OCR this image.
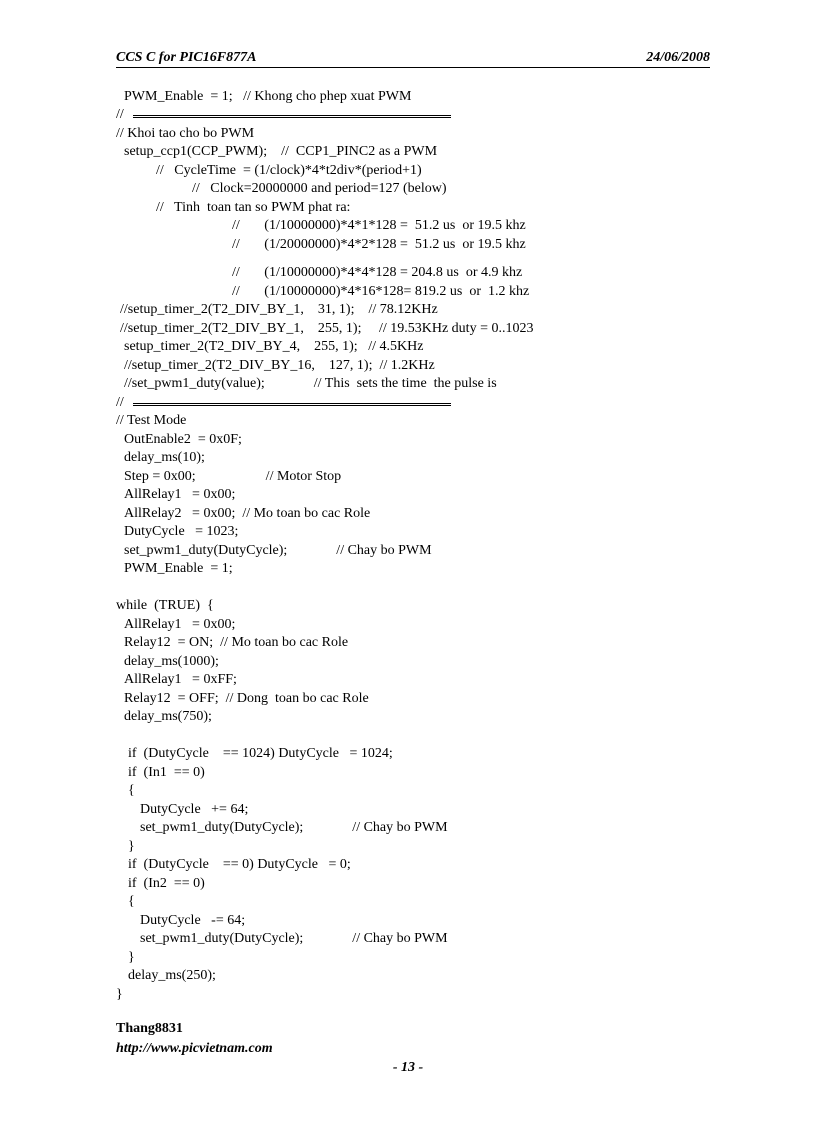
CCS C for PIC16F877A	24/06/2008
PWM_Enable  = 1;   // Khong cho phep xuat PWM
//
// Khoi tao cho bo PWM
setup_ccp1(CCP_PWM);    //  CCP1_PINC2 as a PWM
//   CycleTime  = (1/clock)*4*t2div*(period+1)
//   Clock=20000000 and period=127 (below)
//   Tinh  toan tan so PWM phat ra:
//       (1/10000000)*4*1*128 =  51.2 us  or 19.5 khz
//       (1/20000000)*4*2*128 =  51.2 us  or 19.5 khz
//       (1/10000000)*4*4*128 = 204.8 us  or 4.9 khz
//       (1/10000000)*4*16*128= 819.2 us  or  1.2 khz
//setup_timer_2(T2_DIV_BY_1,    31, 1);    // 78.12KHz
//setup_timer_2(T2_DIV_BY_1,    255, 1);     // 19.53KHz duty = 0..1023
setup_timer_2(T2_DIV_BY_4,    255, 1);   // 4.5KHz
//setup_timer_2(T2_DIV_BY_16,    127, 1);  // 1.2KHz
//set_pwm1_duty(value);              // This  sets the time  the pulse is
//
// Test Mode
OutEnable2  = 0x0F;
delay_ms(10);
Step = 0x00;                    // Motor Stop
AllRelay1   = 0x00;
AllRelay2   = 0x00;  // Mo toan bo cac Role
DutyCycle   = 1023;
set_pwm1_duty(DutyCycle);              // Chay bo PWM
PWM_Enable  = 1;
while  (TRUE)  {
AllRelay1   = 0x00;
Relay12  = ON;  // Mo toan bo cac Role
delay_ms(1000);
AllRelay1   = 0xFF;
Relay12  = OFF;  // Dong  toan bo cac Role
delay_ms(750);
if  (DutyCycle    == 1024) DutyCycle   = 1024;
if  (In1  == 0)
{
DutyCycle   += 64;
set_pwm1_duty(DutyCycle);              // Chay bo PWM
}
if  (DutyCycle    == 0) DutyCycle   = 0;
if  (In2  == 0)
{
DutyCycle   -= 64;
set_pwm1_duty(DutyCycle);              // Chay bo PWM
}
delay_ms(250);
}
Thang8831
http://www.picvietnam.com
- 13 -
